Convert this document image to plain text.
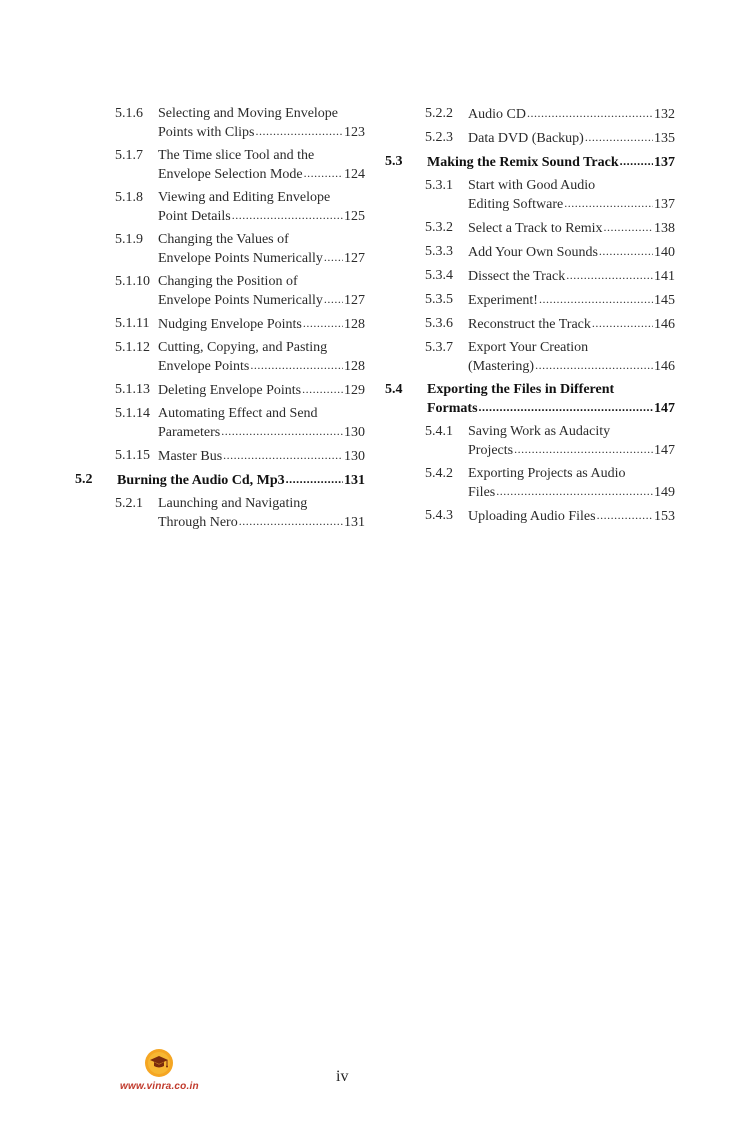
5.1.6 Selecting and Moving Envelope
Points with Clips .....	123
5.1.7 The Time slice Tool and the
Envelope Selection Mode .....	124
5.1.8 Viewing and Editing Envelope
Point Details .....	125
5.1.9 Changing the Values of
Envelope Points Numerically ..... 127
5.1.10 Changing the Position of
Envelope Points Numerically ..... 127
5.1.11 Nudging Envelope Points .....	128
5.1.12 Cutting, Copying, and Pasting
Envelope Points .....	128
5.1.13 Deleting Envelope Points .....	129
5.1.14 Automating Effect and Send
Parameters .....	130
5.1.15 Master Bus .....	130
5.2 Burning the Audio Cd, Mp3 .....	131
5.2.1 Launching and Navigating
Through Nero .....	131
5.2.2 Audio CD .....	132
5.2.3 Data DVD (Backup) .....	135
5.3 Making the Remix Sound Track .....	137
5.3.1 Start with Good Audio
Editing Software .....	137
5.3.2 Select a Track to Remix .....	138
5.3.3 Add Your Own Sounds .....	140
5.3.4 Dissect the Track .....	141
5.3.5 Experiment! .....	145
5.3.6 Reconstruct the Track .....	146
5.3.7 Export Your Creation
(Mastering) .....	146
5.4 Exporting the Files in Different
Formats .....	147
5.4.1 Saving Work as Audacity
Projects .....	147
5.4.2 Exporting Projects as Audio
Files .....	149
5.4.3 Uploading Audio Files .....	153
www.vinra.co.in
iv
